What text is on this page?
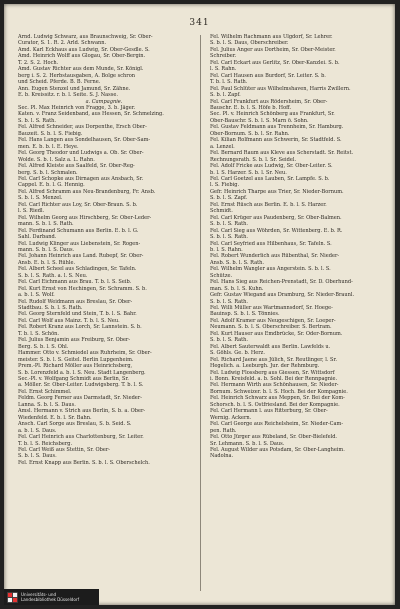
341
Arnd. Ludwig Schwarz, aus Braunschweig, Sr. Ober-
Curator, S. 1. R. 2. Arld. Schwann.
Amd. Karl Eckhaus aus Ludwig, Sr. Ober-Gesdle. S.
Amd. Heinrich Wolff aus Glogau, Sr. Ober-Bergin.
T. 2. S. 2. Hoch.
Amd. Gustav Richter aus dem Munde, Sr. Königl.
berg i. S. 2. Herbstausgaben, A. Bolge schron
und Scheid. Pferde. B. B. Ferne.
Ann. Eugen Stenzel und Jamund, Sr. Zähne.
E. b. Kreissitz. r. b. l. Seite. S. J. Nasse.
a. Campagnie.
Sec. Pl. Max Heinrich von Fragge, 3. b. Jäger.
Katen. v. Franz Seidenband, aus Hessen, Sr. Schmelzing.
S. b. l. S. Rath.
Fel. Alfred Schneider, aus Dorpenthe, Ersch Ober-
Bauzeit. S. b. l. S. Fiebig.
Fel. Hans Langen aus Sondelhausen, Sr. Ober-Sam-
men. E. b. b. l. E. Heye.
Fel. Georg Theodor und Ludwigs a. Ob. Sr. Ober-
Wolde. S. b. l. Salz a. L. Rahn.
Fel. Alfred Kleiste aus Saalfeld, Sr. Ober-Reg-
berg. S. b. l. Schmalen.
Fel. Carl Schopke aus Dirnagen aus Ansbach, Sr.
Cappel. E. b. l. G. Hennig.
Fel. Alfred Schramm aus Neu-Brandenburg, Fr. Ansb.
S. b. l. S. Menzel.
Fel. Carl Richter aus Loy, Sr. Ober-Braun. S. b.
l. S. Riedl.
Fel. Wilhelm Georg aus Hirschberg, Sr. Ober-Leder-
mann. S. b. l. S. Rath.
Fel. Ferdinand Schumann aus Berlin. E. b. l. G.
Sahl. Darband.
Fel. Ludwig Klinger aus Liebenstein, Sr. Rogen-
mann. S. b. l. S. Daus.
Fel. Johann Heinrich aus Land. Rubepf, Sr. Ober-
Ansb. E. b. l. S. Rühle.
Fel. Albert Scheel aus Schladingen, Sr. Tafeln.
S. b. l. S. Rath. a. l. S. Neu.
Fel. Carl Eichmann aus Brau. T. b. l. S. Seib.
Fel. Kurt Ernst von Hechingen, Sr. Schramm. S. b.
a. b. l. S. Wolf.
Fel. Rudolf Weidmann aus Breslau, Sr. Ober-
Stadtbau. S. b. l. S. Rath.
Fel. Georg Sternfeld und Stein, T. b. l. S. Bahr.
Fel. Carl Wolf aus Mainz. T. b. l. S. Neu.
Fel. Robert Kranz aus Lorch, Sr. Lannstein. S. b.
T. b. l. S. Schön.
Fel. Julius Benjamin aus Freiburg, Sr. Ober-
Berg. S. b. l. S. Ohl.
Hammer. Otto v. Schmiedel aus Ruhrheim, Sr. Ober-
meister. S. b. l. S. Geitel. Berlin Lupgenheim.
Prem.-Pl. Richard Möller aus Heinrichsberg,
S. b. Lorenzfeld a. b. l. S. Neu. Stadt Langenberg.
Sec.-Pl. v. Wolfgang Schmidt aus Berlin, Sr.
a. Möller. Sr. Ober-Leiter. Ludwigsberg. T. b. l. S.
Fel. Ernst Schimmel.
Feldm. Georg Ferner aus Darmstadt, Sr. Nieder-
Lanna. S. b. l. S. Daus.
Amsl. Hermann v. Strich aus Berlin, S. b. a. Ober-
Wiedenfeld. E. b. l. Sr. Bahn.
Ansch. Carl Sorge aus Breslau, S. b. Seid. S.
a. b. l. S. Daus.
Fel. Carl Heinrich aus Charlottenburg, Sr. Leiter.
T. b. l. S. Reichsberg.
Fel. Carl Weiß aus Stettin, Sr. Ober-
S. b. l. S. Daus.
Fel. Ernst Knapp aus Berlin. S. b. l. S. Oberschelch.
Fel. Wilhelm Rachmann aus Ulgdorf, Sr. Lehrer.
S. b. l. S. Daus, Oberschreiber.
Fel. Julius Anger aus Dortheim, Sr. Ober-Meister.
Schreiber.
Fel. Carl Eckart aus Gerlitz, Sr. Ober-Kanzlei. S. b.
l. S. Rahn.
Fel. Carl Hausen aus Burdorf, Sr. Leiter. S. b.
T. b. l. S. Rath.
Fel. Paul Schlüter aus Wilhelmshaven, Harris Zwillern.
S. b. l. Zapf.
Fel. Carl Frankfurt aus Rödersheim, Sr. Ober-
Bauschr. E. b. l. S. Höfe b. Hoff.
Sec. Pl. v. Heinrich Schönberg aus Frankfurt, Sr.
Ober-Bauschr. S. b. l. S. Marn ö. Sohn.
Fel. Gustav Feldmann aus Trennheim, Sr. Hamburg.
Ober-Bornum. S. b. l. Sr. Rahn.
Fel. Kilian Rolfmann aus Schwerin, Sr. Stadtfeld. S.
a. Lenzel.
Fel. Bernard Raum aus Kleve aus Scherstadt. Sr. Reitst.
Rechnungsrath. S. b. l. Sr. Seidel.
Fel. Adolf Fricke aus Ludwig, Sr. Ober-Leiter. S.
b. l. S. Harzer. S. b. l. Sr. Neu.
Fel. Carl Goetzel aus Lauben, Sr. Lampfe. S. b.
l. S. Fiebig.
Gefr. Heinrich Tharpe aus Trier, Sr. Nieder-Bornum.
S. b. l. S. Zapf.
Fel. Ernst Rüsch aus Berlin. E. b. l. S. Harzer.
Schmidt.
Fel. Carl Krüger aus Paudenberg, Sr. Ober-Balmen.
S. b. l. S. Rath.
Fel. Carl Sieg aus Wöhrden, Sr. Wittenberg. E. b. R.
S. b. l. S. Rath.
Fel. Carl Seyfried aus Hilbenhaus, Sr. Tafeln. S.
b. l. S. Rahn.
Fel. Robert Wunderlich aus Rübenthal, Sr. Nieder-
Ansb. S. b. l. S. Rath.
Fel. Wilhelm Wangler aus Angerstein. S. b. l. S.
Schütze.
Fel. Hans Sieg aus Reichen-Prenstadt, Sr. D. Oberhund-
man. S. b. l. S. Kuhn.
Gefr. Gustav Wiegand aus Dramburg, Sr. Nieder-Braunl.
S. b. l. S. Rath.
Fel. Willi Müller aus Wartmannsdorf, Sr. Hoege-
Bauinsp. S. b. l. S. Tönnies.
Fel. Adolf Kramer aus Neugeschigen, Sr. Loeper-
Neumann. S. b. l. S. Oberschreiber. S. Bertram.
Fel. Kurt Hauser aus Emdbrücke, Sr. Oder-Bornum.
S. b. l. S. Rath.
Fel. Albert Sauterwaldt aus Berlin. Lawfelds u.
S. Göhls. Ge. b. Herz.
Fel. Richard Jaene aus Jülich, Sr. Reutlinger, l. Sr.
Hegelich. a. Leeburgh. Jur. der Rehmburg.
Fel. Ludwig Flossberg aus Giessen, Sr. Wittsdorf
i. Bonn. Kreisfeld. a. b. Sohl. Bei der Rennpagnie.
Fel. Hermann Wirth aus Schönhausen, Sr. Nieder-
Bornum. Schweizer. b. l. S. Hoch. Bei der Kompagnie.
Fel. Heinrich Schwarz aus Meppen, Sr. Bei der Kom-
Schorsch. b. l. S. Ostfriesland. Bei der Kompagnie.
Fel. Carl Hermann l. aus Ritterburg, Sr. Ober-
Wernig. Ackern.
Fel. Carl George aus Reichelsheim, Sr. Nieder-Cam-
pen. Rath.
Fel. Otto Jürger aus Rübeland, Sr. Ober-Bielefeld.
Sr. Lehmann. S. b. l. S. Daus.
Fel. August Wilder aus Potsdam, Sr. Ober-Langheim.
Nadolna.
Universitäts- und
Landesbibliothek Düsseldorf
